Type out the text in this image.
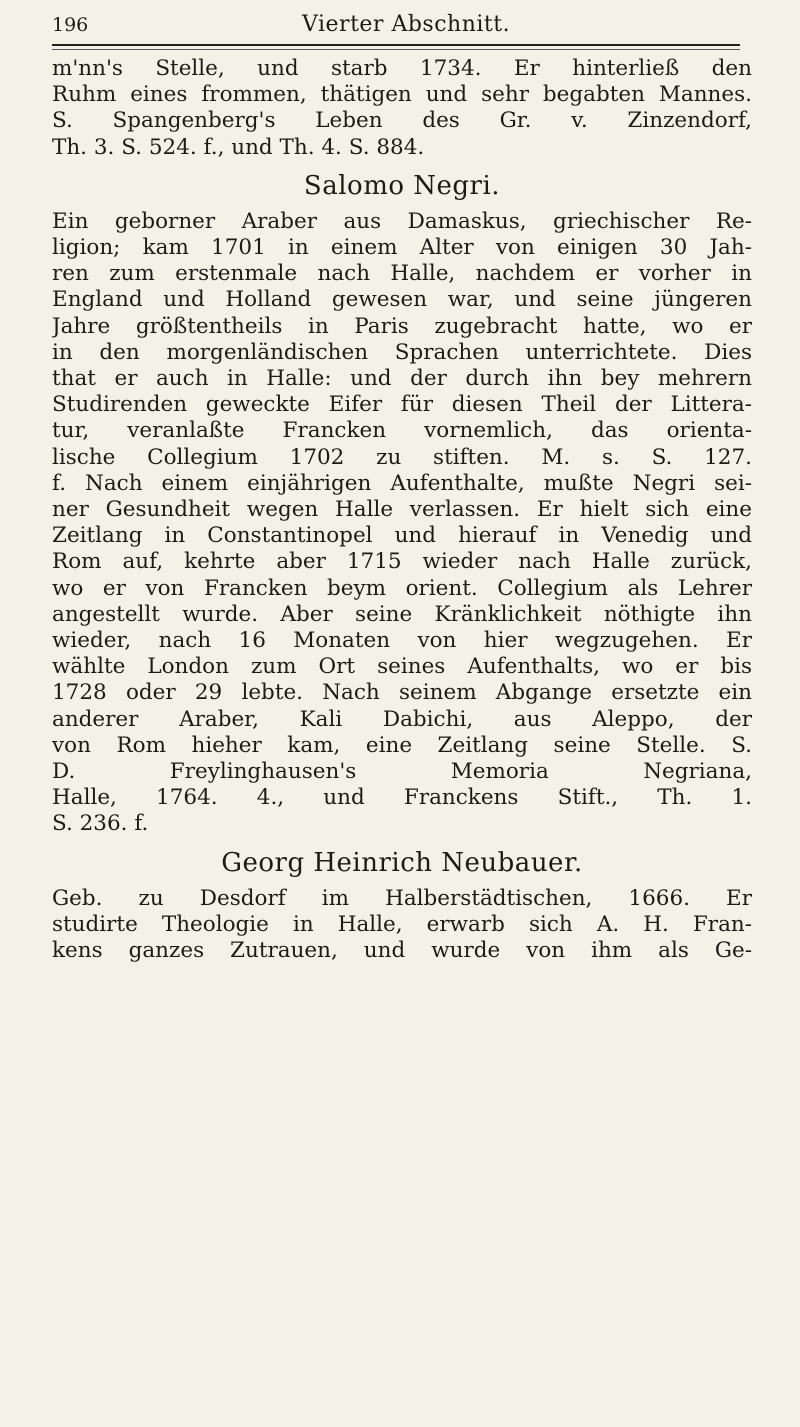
196	Vierter Abschnitt.
m'nn's Stelle, und starb 1734. Er hinterließ den
Ruhm eines frommen, thätigen und sehr begabten Mannes.
S. Spangenberg's Leben des Gr. v. Zinzendorf,
Th. 3. S. 524. f., und Th. 4. S. 884.
Salomo Negri.
Ein geborner Araber aus Damaskus, griechischer Re-
ligion; kam 1701 in einem Alter von einigen 30 Jah-
ren zum erstenmale nach Halle, nachdem er vorher in
England und Holland gewesen war, und seine jüngeren
Jahre größtentheils in Paris zugebracht hatte, wo er
in den morgenländischen Sprachen unterrichtete. Dies
that er auch in Halle: und der durch ihn bey mehrern
Studirenden geweckte Eifer für diesen Theil der Littera-
tur, veranlaßte Francken vornemlich, das orienta-
lische Collegium 1702 zu stiften. M. s. S. 127.
f. Nach einem einjährigen Aufenthalte, mußte Negri sei-
ner Gesundheit wegen Halle verlassen. Er hielt sich eine
Zeitlang in Constantinopel und hierauf in Venedig und
Rom auf, kehrte aber 1715 wieder nach Halle zurück,
wo er von Francken beym orient. Collegium als Lehrer
angestellt wurde. Aber seine Kränklichkeit nöthigte ihn
wieder, nach 16 Monaten von hier wegzugehen. Er
wählte London zum Ort seines Aufenthalts, wo er bis
1728 oder 29 lebte. Nach seinem Abgange ersetzte ein
anderer Araber, Kali Dabichi, aus Aleppo, der
von Rom hieher kam, eine Zeitlang seine Stelle. S.
D. Freylinghausen's Memoria Negriana,
Halle, 1764. 4., und Franckens Stift., Th. 1.
S. 236. f.
Georg Heinrich Neubauer.
Geb. zu Desdorf im Halberstädtischen, 1666. Er
studirte Theologie in Halle, erwarb sich A. H. Fran-
kens ganzes Zutrauen, und wurde von ihm als Ge-
